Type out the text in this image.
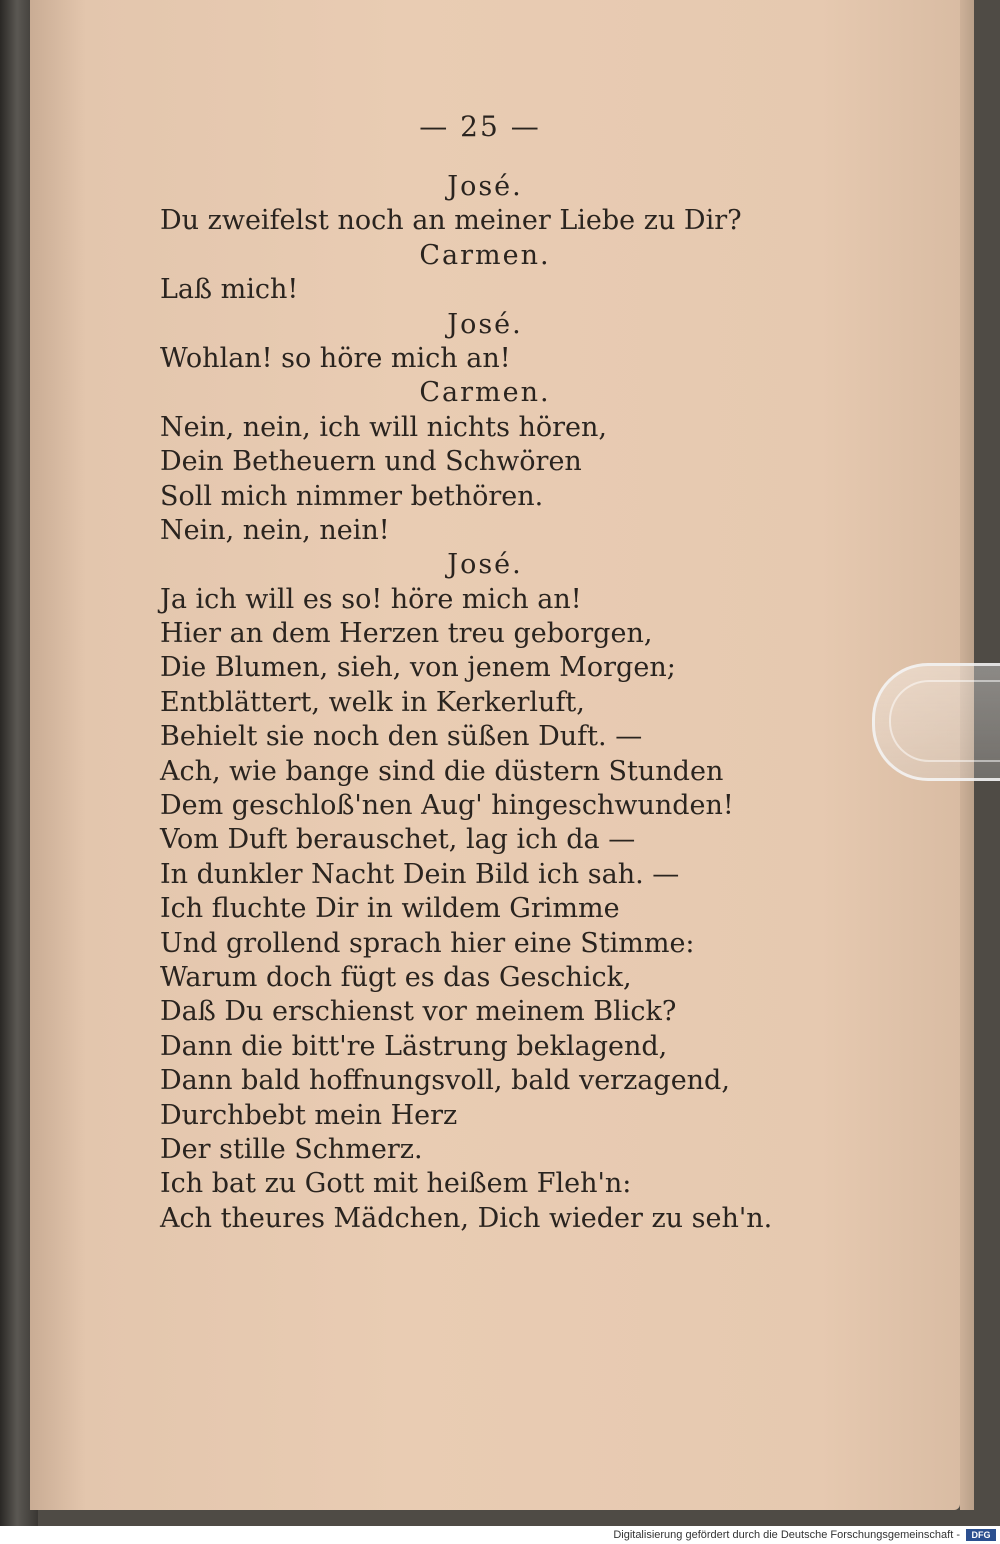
— 25 —
José.
Du zweifelst noch an meiner Liebe zu Dir?
Carmen.
Laß mich!
José.
Wohlan! so höre mich an!
Carmen.
Nein, nein, ich will nichts hören,
Dein Betheuern und Schwören
Soll mich nimmer bethören.
Nein, nein, nein!
José.
Ja ich will es so! höre mich an!
Hier an dem Herzen treu geborgen,
Die Blumen, sieh, von jenem Morgen;
Entblättert, welk in Kerkerluft,
Behielt sie noch den süßen Duft. —
Ach, wie bange sind die düstern Stunden
Dem geschloß'nen Aug' hingeschwunden!
Vom Duft berauschet, lag ich da —
In dunkler Nacht Dein Bild ich sah. —
Ich fluchte Dir in wildem Grimme
Und grollend sprach hier eine Stimme:
Warum doch fügt es das Geschick,
Daß Du erschienst vor meinem Blick?
Dann die bitt're Lästrung beklagend,
Dann bald hoffnungsvoll, bald verzagend,
Durchbebt mein Herz
Der stille Schmerz.
Ich bat zu Gott mit heißem Fleh'n:
Ach theures Mädchen, Dich wieder zu seh'n.
Digitalisierung gefördert durch die Deutsche Forschungsgemeinschaft -	DFG
